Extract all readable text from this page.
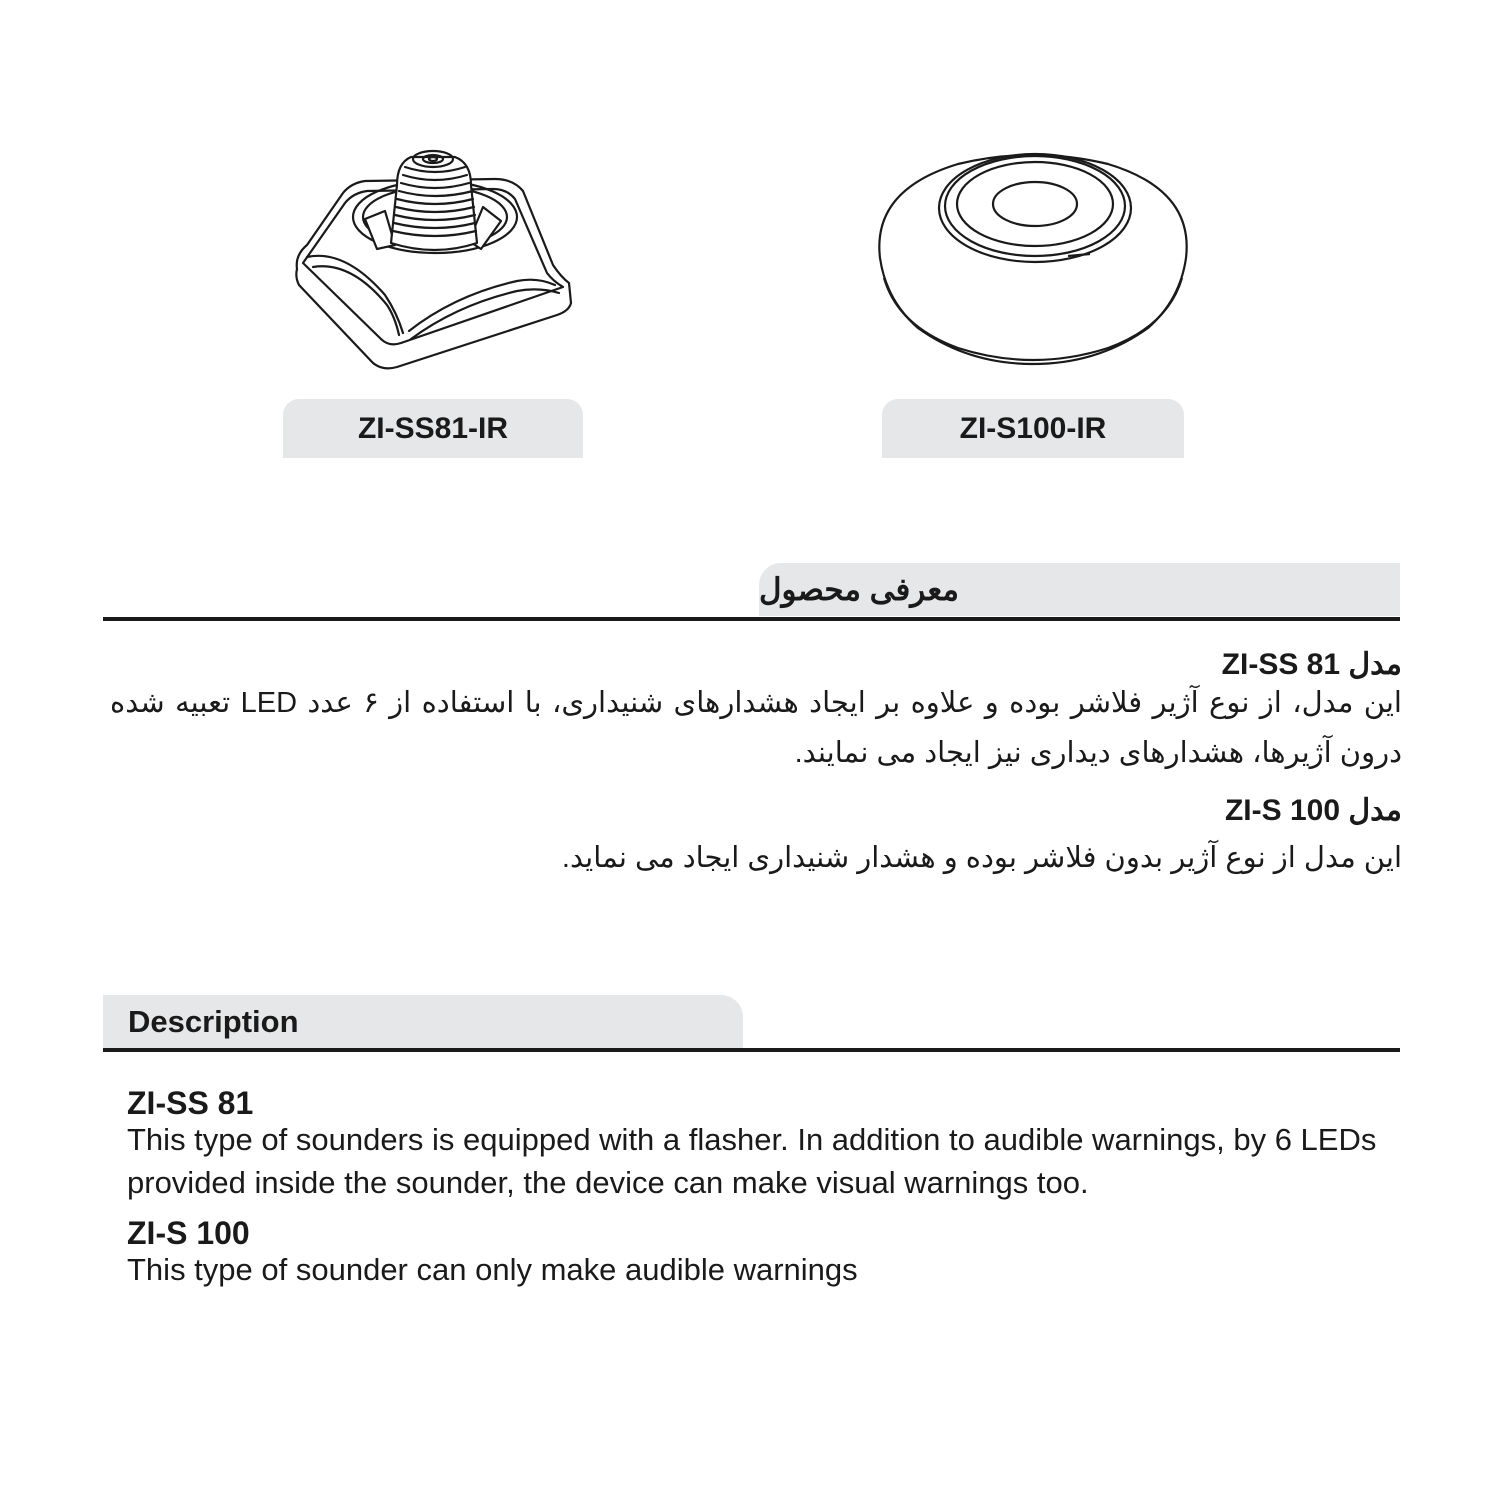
ZI-SS81-IR	ZI-S100-IR
معرفی محصول
مدل ZI-SS 81
این مدل، از نوع آژیر فلاشر بوده و علاوه بر ایجاد هشدارهای شنیداری، با استفاده از ۶ عدد LED تعبیه شده درون آژیرها، هشدارهای دیداری نیز ایجاد می نمایند.
مدل ZI-S 100
این مدل از نوع آژیر بدون فلاشر بوده و هشدار شنیداری ایجاد می نماید.
Description
ZI-SS 81
This type of sounders is equipped with a flasher. In addition to audible warnings, by 6 LEDs provided inside the sounder, the device can make visual warnings too.
ZI-S 100
This type of sounder can only make audible warnings
